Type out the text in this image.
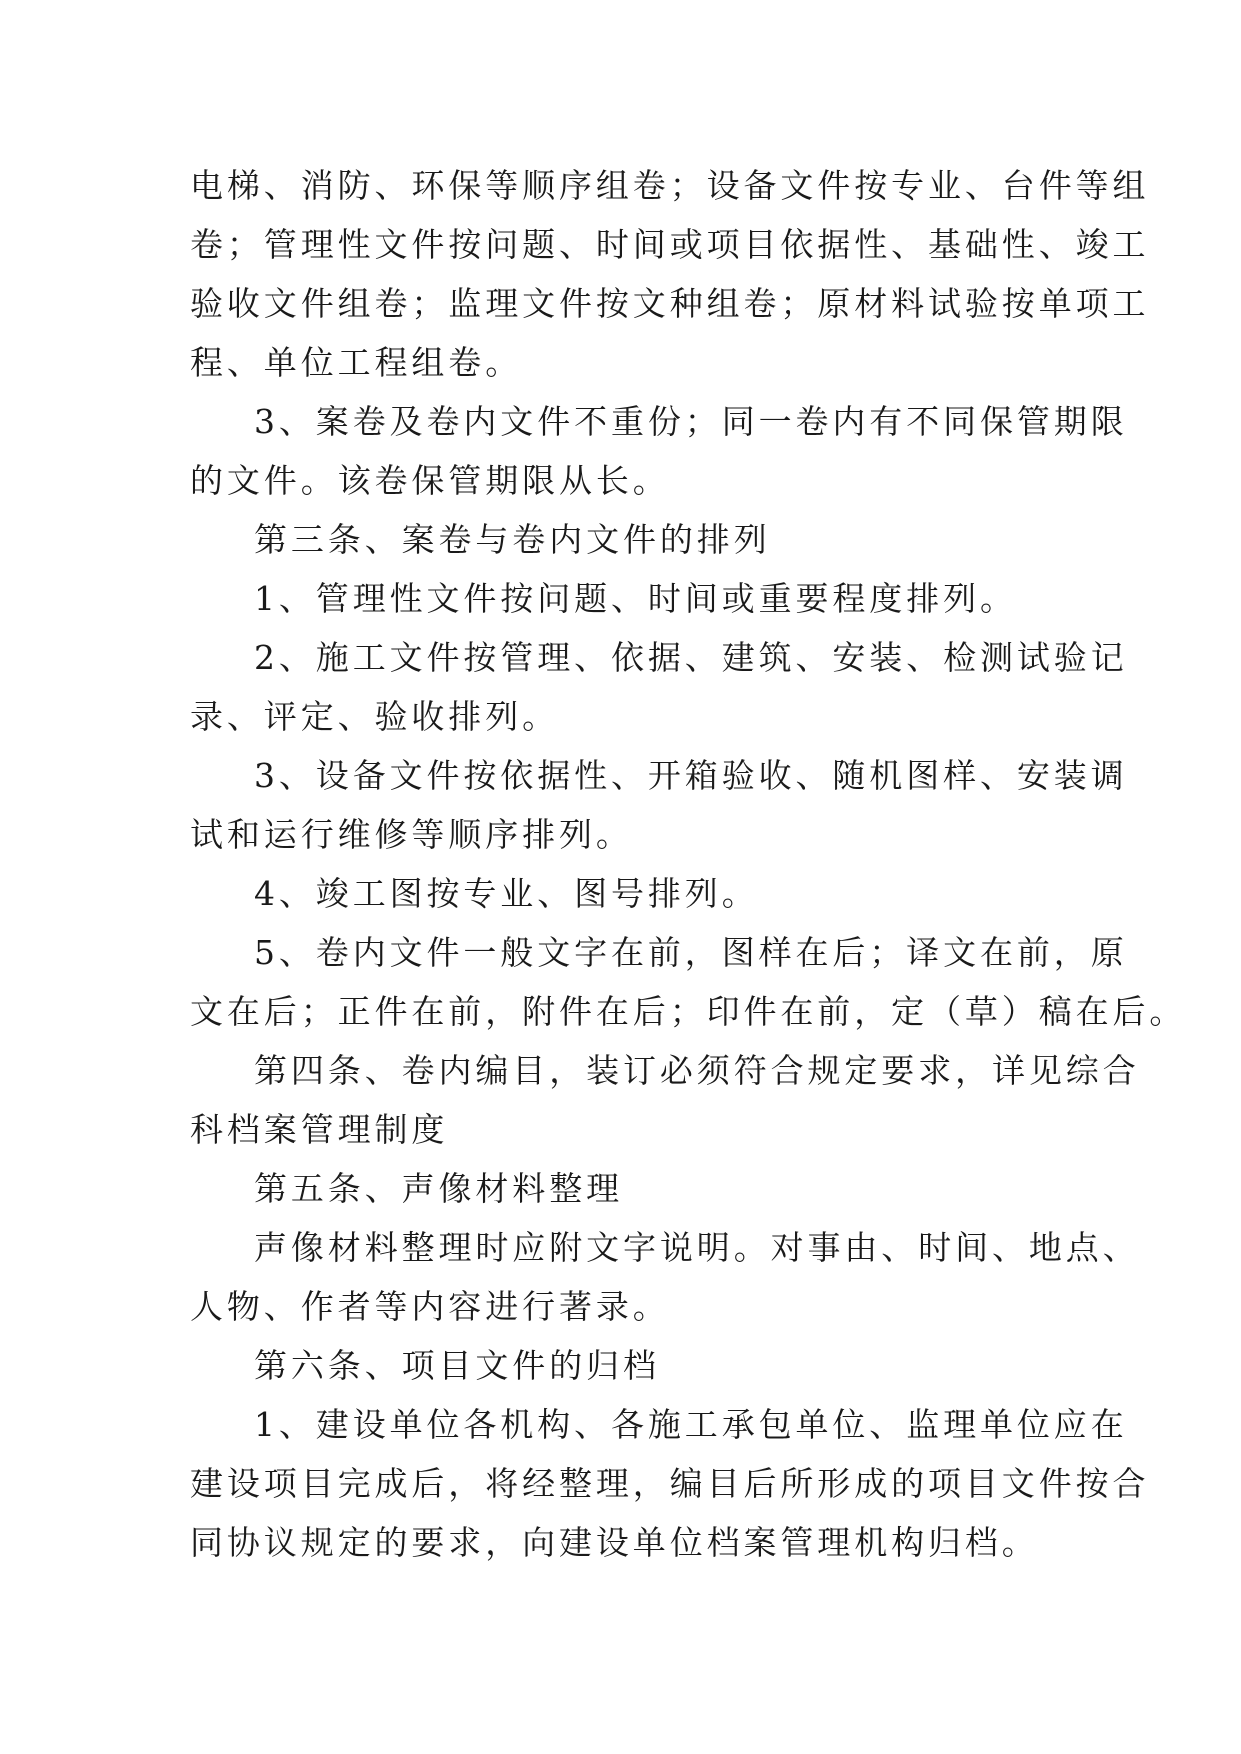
电梯、消防、环保等顺序组卷；设备文件按专业、台件等组
卷；管理性文件按问题、时间或项目依据性、基础性、竣工
验收文件组卷；监理文件按文种组卷；原材料试验按单项工
程、单位工程组卷。
3、案卷及卷内文件不重份；同一卷内有不同保管期限
的文件。该卷保管期限从长。
第三条、案卷与卷内文件的排列
1、管理性文件按问题、时间或重要程度排列。
2、施工文件按管理、依据、建筑、安装、检测试验记
录、评定、验收排列。
3、设备文件按依据性、开箱验收、随机图样、安装调
试和运行维修等顺序排列。
4、竣工图按专业、图号排列。
5、卷内文件一般文字在前，图样在后；译文在前，原
文在后；正件在前，附件在后；印件在前，定（草）稿在后。
第四条、卷内编目，装订必须符合规定要求，详见综合
科档案管理制度
第五条、声像材料整理
声像材料整理时应附文字说明。对事由、时间、地点、
人物、作者等内容进行著录。
第六条、项目文件的归档
1、建设单位各机构、各施工承包单位、监理单位应在
建设项目完成后，将经整理，编目后所形成的项目文件按合
同协议规定的要求，向建设单位档案管理机构归档。
